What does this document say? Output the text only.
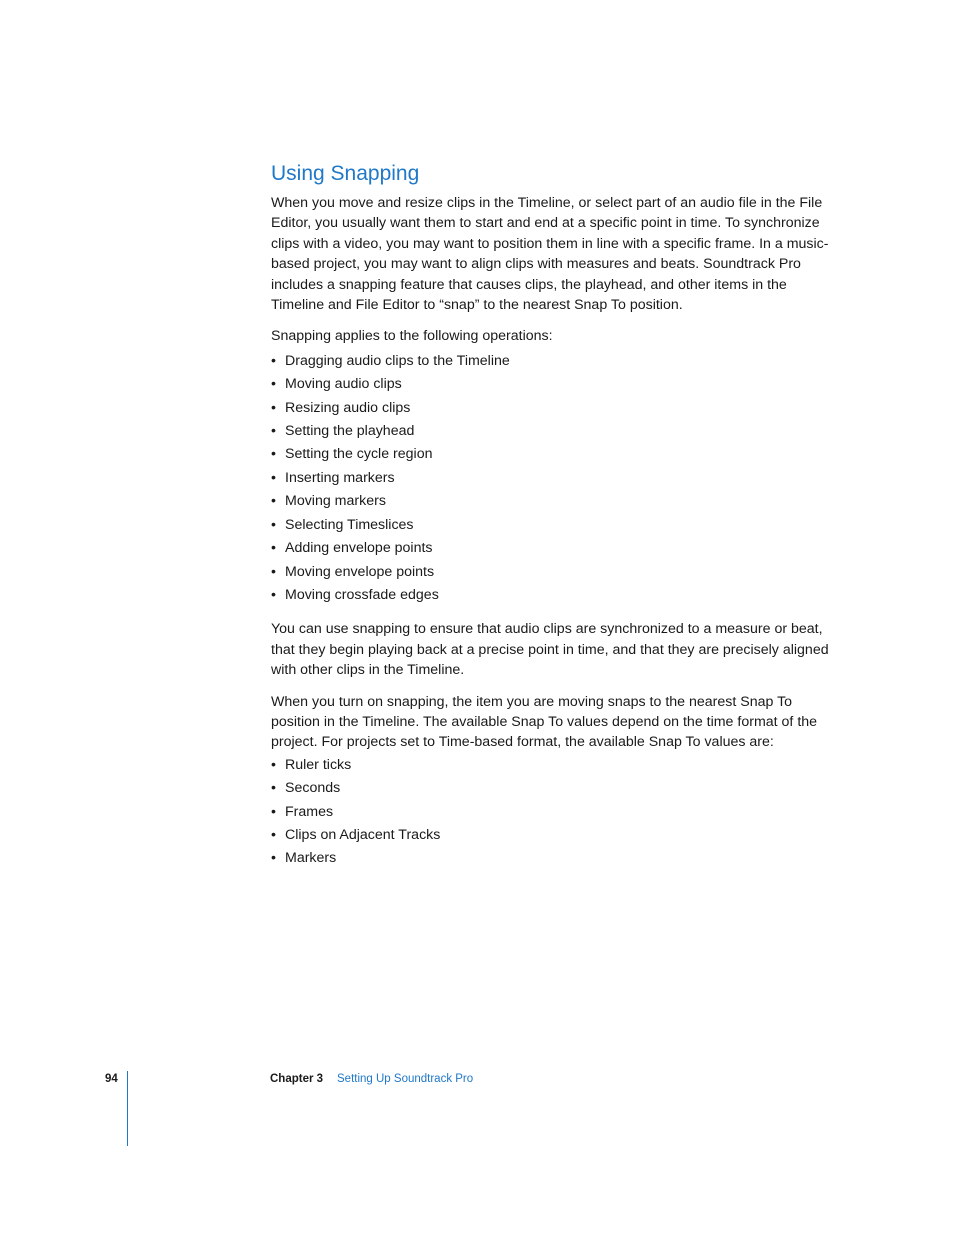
Using Snapping

When you move and resize clips in the Timeline, or select part of an audio file in the File Editor, you usually want them to start and end at a specific point in time. To synchronize clips with a video, you may want to position them in line with a specific frame. In a music-based project, you may want to align clips with measures and beats. Soundtrack Pro includes a snapping feature that causes clips, the playhead, and other items in the Timeline and File Editor to “snap” to the nearest Snap To position.

Snapping applies to the following operations:

• Dragging audio clips to the Timeline
• Moving audio clips
• Resizing audio clips
• Setting the playhead
• Setting the cycle region
• Inserting markers
• Moving markers
• Selecting Timeslices
• Adding envelope points
• Moving envelope points
• Moving crossfade edges

You can use snapping to ensure that audio clips are synchronized to a measure or beat, that they begin playing back at a precise point in time, and that they are precisely aligned with other clips in the Timeline.

When you turn on snapping, the item you are moving snaps to the nearest Snap To position in the Timeline. The available Snap To values depend on the time format of the project. For projects set to Time-based format, the available Snap To values are:

• Ruler ticks
• Seconds
• Frames
• Clips on Adjacent Tracks
• Markers
94	Chapter 3 Setting Up Soundtrack Pro
